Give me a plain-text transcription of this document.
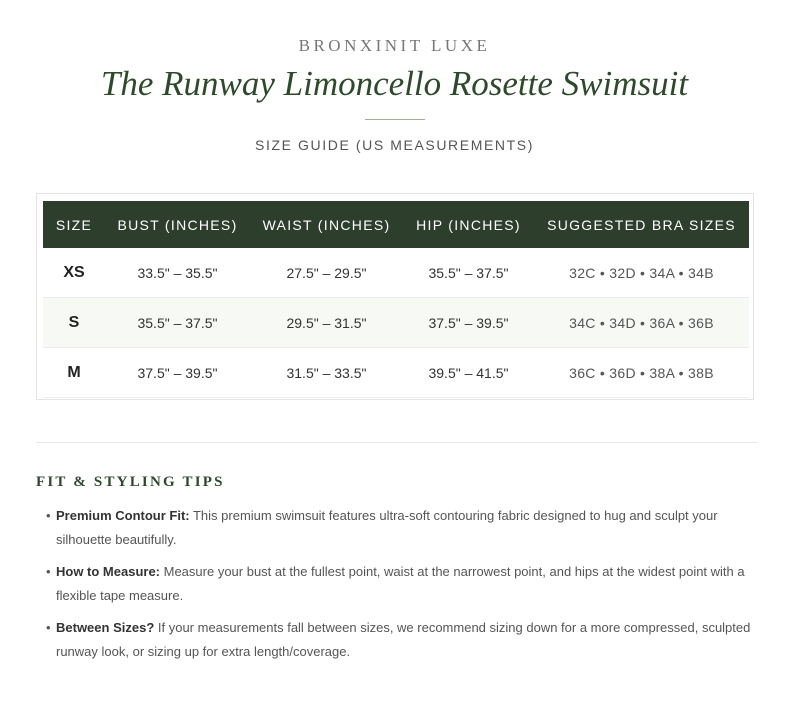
BRONXINIT LUXE
The Runway Limoncello Rosette Swimsuit
SIZE GUIDE (US MEASUREMENTS)
SIZE	BUST (INCHES)	WAIST (INCHES)	HIP (INCHES)	SUGGESTED BRA SIZES
XS	33.5" – 35.5"	27.5" – 29.5"	35.5" – 37.5"	32C • 32D • 34A • 34B
S	35.5" – 37.5"	29.5" – 31.5"	37.5" – 39.5"	34C • 34D • 36A • 36B
M	37.5" – 39.5"	31.5" – 33.5"	39.5" – 41.5"	36C • 36D • 38A • 38B
FIT & STYLING TIPS
• Premium Contour Fit: This premium swimsuit features ultra-soft contouring fabric designed to hug and sculpt your silhouette beautifully.
• How to Measure: Measure your bust at the fullest point, waist at the narrowest point, and hips at the widest point with a flexible tape measure.
• Between Sizes? If your measurements fall between sizes, we recommend sizing down for a more compressed, sculpted runway look, or sizing up for extra length/coverage.
